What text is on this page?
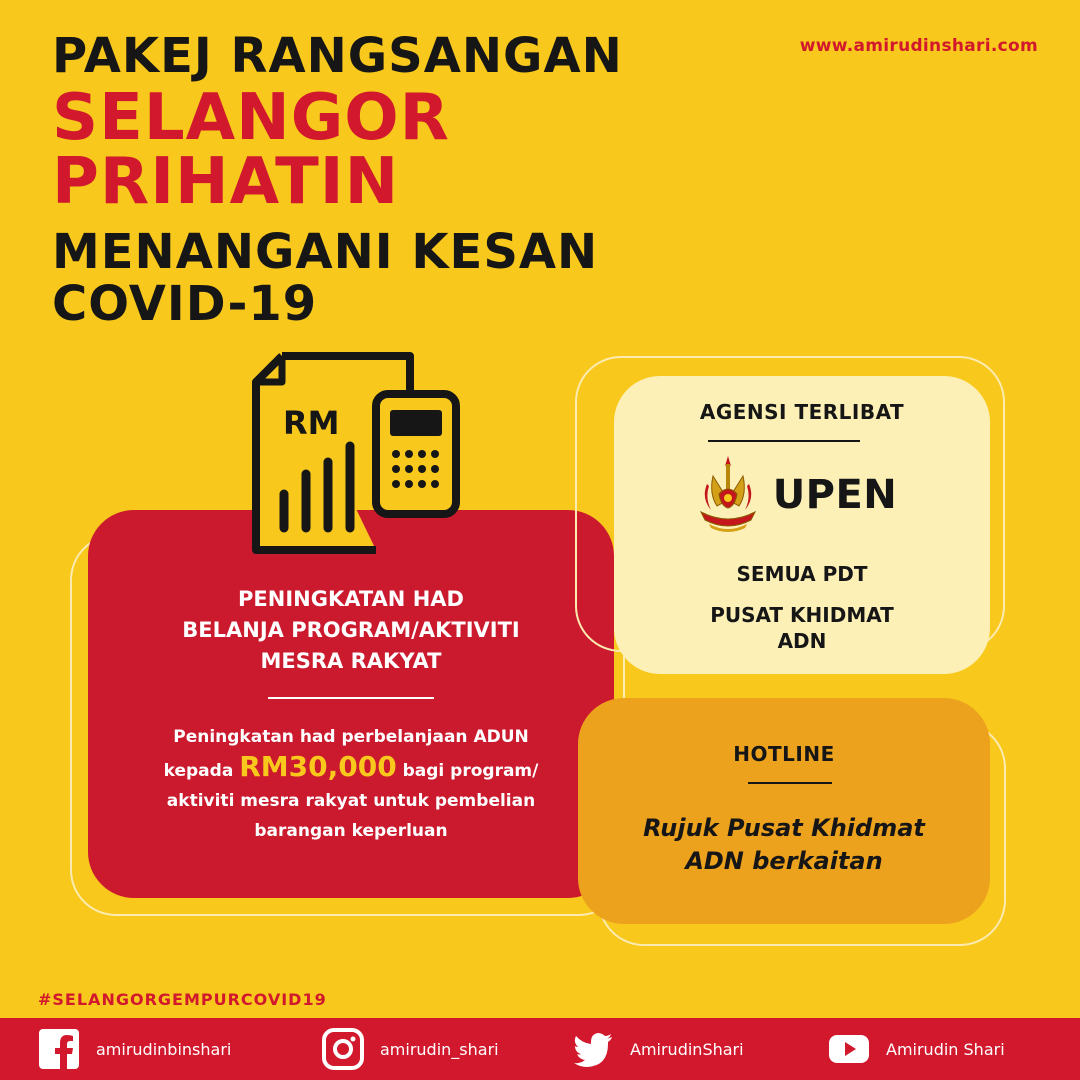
PAKEJ RANGSANGAN
SELANGOR
PRIHATIN
MENANGANI KESAN
COVID-19
www.amirudinshari.com
PENINGKATAN HAD
BELANJA PROGRAM/AKTIVITI
MESRA RAKYAT
Peningkatan had perbelanjaan ADUN
kepada RM30,000 bagi program/
aktiviti mesra rakyat untuk pembelian
barangan keperluan
RM	AGENSI TERLIBAT
UPEN
SEMUA PDT
PUSAT KHIDMAT
ADN
HOTLINE
Rujuk Pusat Khidmat
ADN berkaitan
#SELANGORGEMPURCOVID19
amirudinbinshari	amirudin_shari	AmirudinShari	Amirudin Shari
